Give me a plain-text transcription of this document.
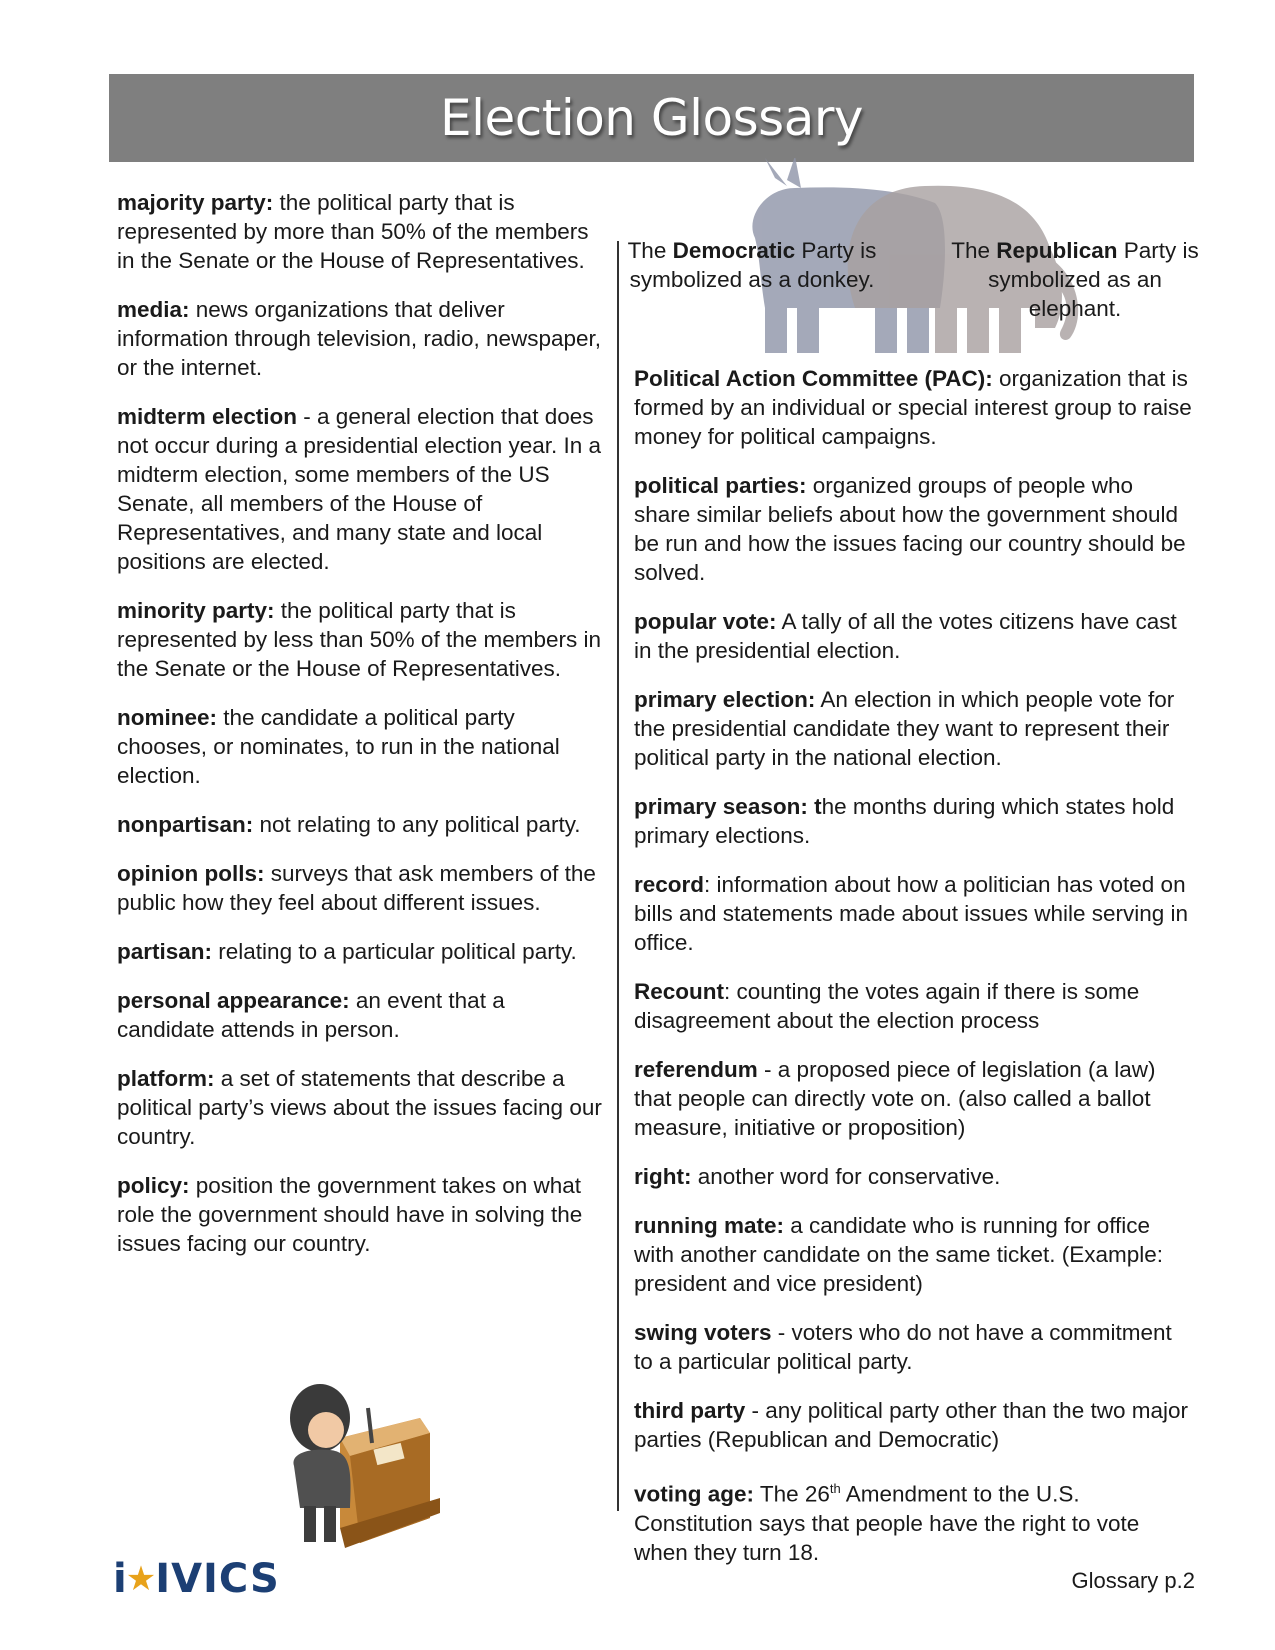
Election Glossary
The Democratic Party is symbolized as a donkey.
The Republican Party is symbolized as an elephant.

majority party: the political party that is represented by more than 50% of the members in the Senate or the House of Representatives.

media: news organizations that deliver information through television, radio, newspaper, or the internet.

midterm election - a general election that does not occur during a presidential election year. In a midterm election, some members of the US Senate, all members of the House of Representatives, and many state and local positions are elected.

minority party: the political party that is represented by less than 50% of the members in the Senate or the House of Representatives.

nominee: the candidate a political party chooses, or nominates, to run in the national election.

nonpartisan: not relating to any political party.

opinion polls: surveys that ask members of the public how they feel about different issues.

partisan: relating to a particular political party.

personal appearance: an event that a candidate attends in person.

platform: a set of statements that describe a political party’s views about the issues facing our country.

policy: position the government takes on what role the government should have in solving the issues facing our country.

Political Action Committee (PAC): organization that is formed by an individual or special interest group to raise money for political campaigns.

political parties: organized groups of people who share similar beliefs about how the government should be run and how the issues facing our country should be solved.

popular vote: A tally of all the votes citizens have cast in the presidential election.

primary election: An election in which people vote for the presidential candidate they want to represent their political party in the national election.

primary season: the months during which states hold primary elections.

record: information about how a politician has voted on bills and statements made about issues while serving in office.

Recount: counting the votes again if there is some disagreement about the election process

referendum - a proposed piece of legislation (a law) that people can directly vote on. (also called a ballot measure, initiative or proposition)

right: another word for conservative.

running mate: a candidate who is running for office with another candidate on the same ticket. (Example: president and vice president)

swing voters - voters who do not have a commitment to a particular political party.

third party - any political party other than the two major parties (Republican and Democratic)

voting age: The 26th Amendment to the U.S. Constitution says that people have the right to vote when they turn 18.

i
★
IVICS	Glossary p.2
